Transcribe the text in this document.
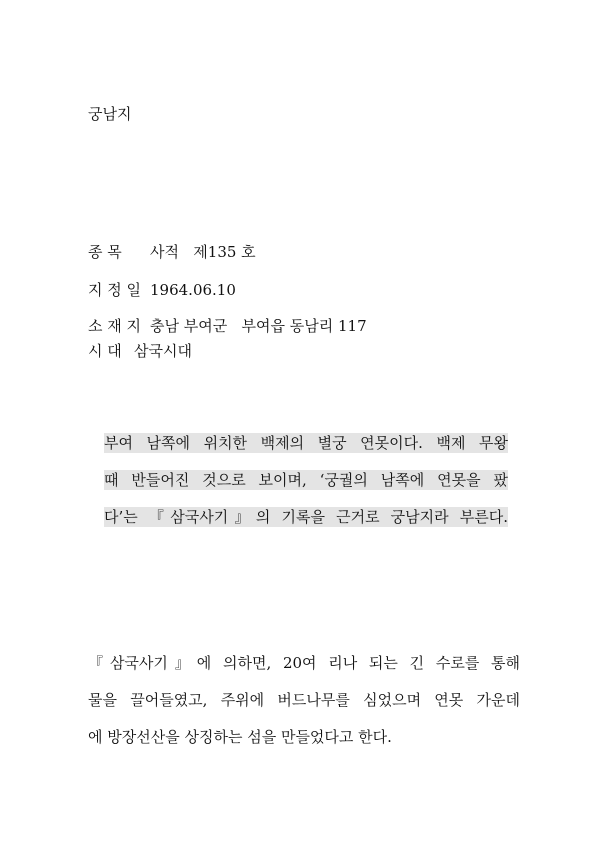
궁남지
종 목 사적   제135 호
지 정 일 1964.06.10
소 재 지 충남 부여군   부여읍 동남리 117
시 대 삼국시대
부여 남쪽에 위치한 백제의 별궁 연못이다. 백제 무왕
때 반들어진 것으로 보이며, ‘궁궐의 남쪽에 연못을 팠
다’는 『삼국사기』의 기록을 근거로 궁남지라 부른다.
『삼국사기』에 의하면, 20여 리나 되는 긴 수로를 통해
물을 끌어들였고, 주위에 버드나무를 심었으며 연못 가운데
에 방장선산을 상징하는 섬을 만들었다고 한다.
